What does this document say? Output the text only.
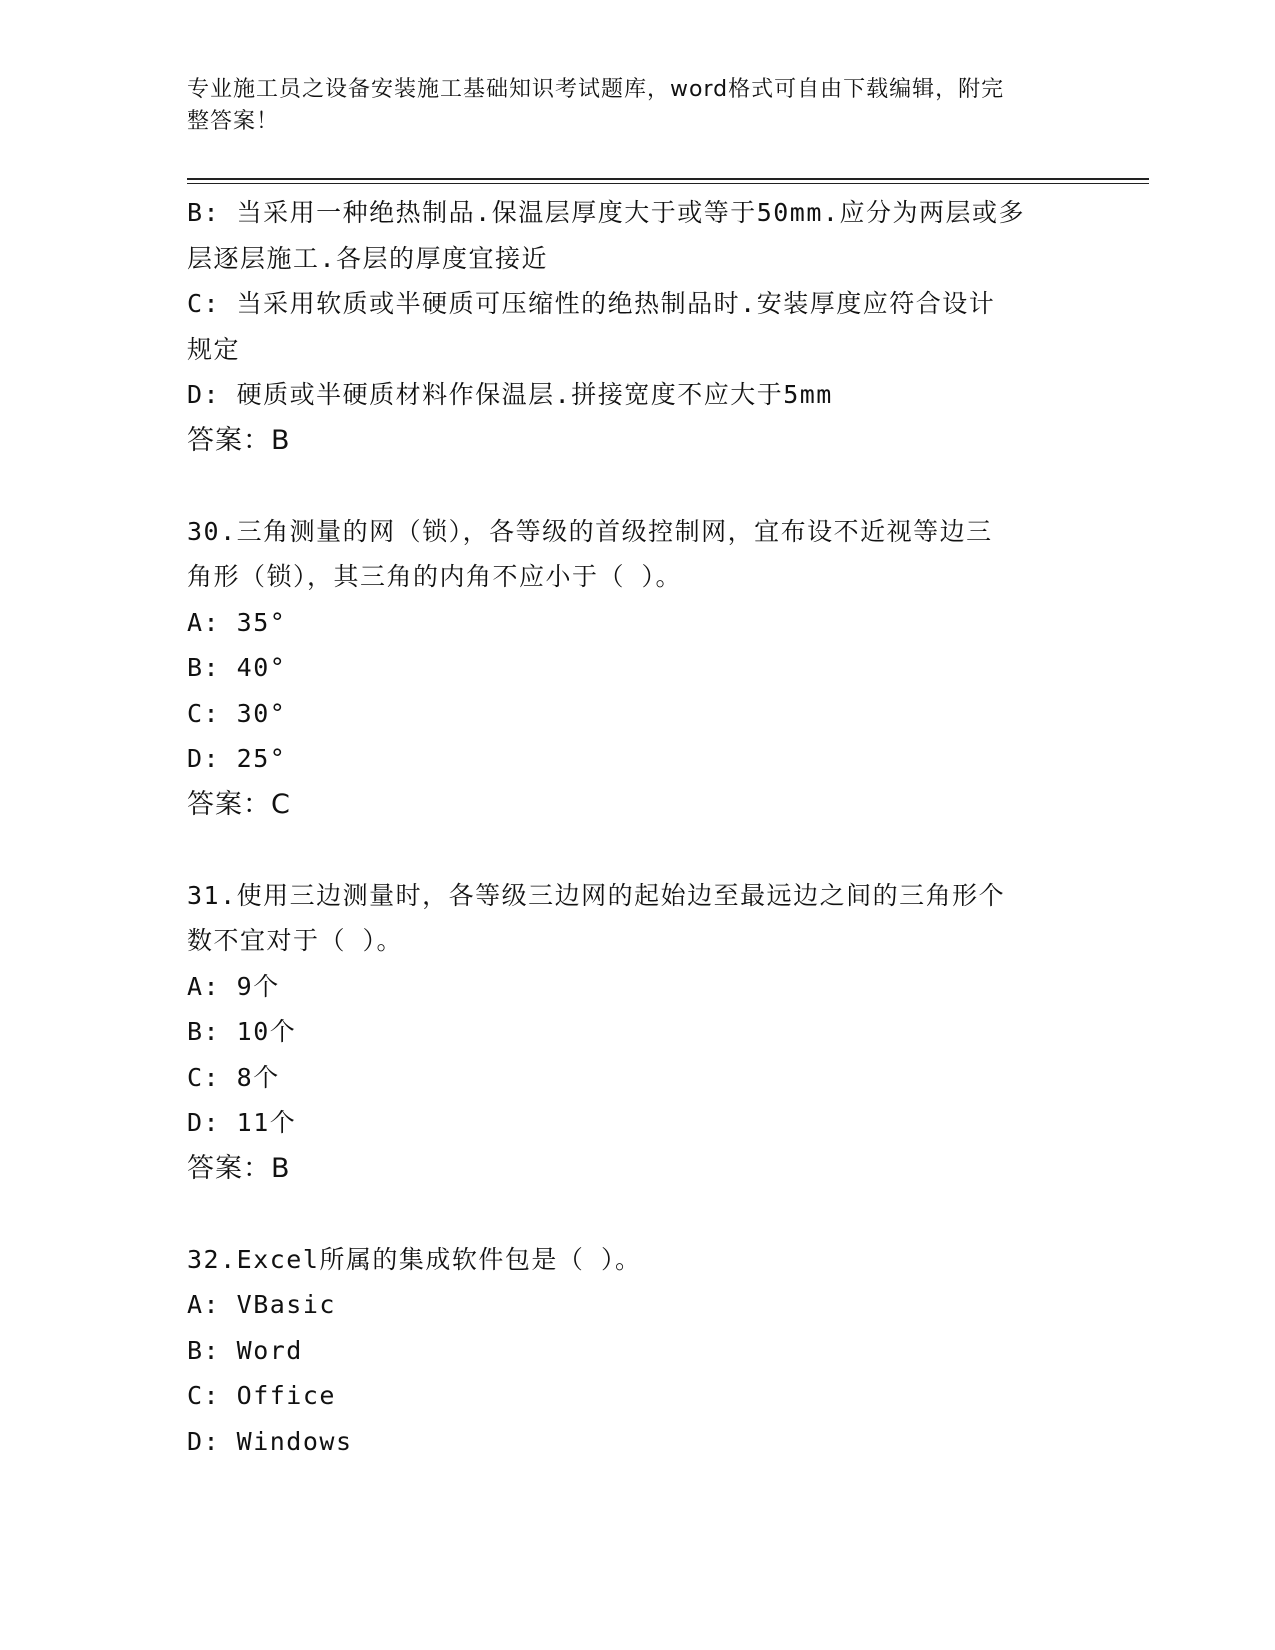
专业施工员之设备安装施工基础知识考试题库，word格式可自由下载编辑，附完
整答案！
B: 当采用一种绝热制品.保温层厚度大于或等于50mm.应分为两层或多
层逐层施工.各层的厚度宜接近
C: 当采用软质或半硬质可压缩性的绝热制品时.安装厚度应符合设计
规定
D: 硬质或半硬质材料作保温层.拼接宽度不应大于5mm
答案：B
30.三角测量的网（锁），各等级的首级控制网，宜布设不近视等边三
角形（锁），其三角的内角不应小于（ ）。
A: 35°
B: 40°
C: 30°
D: 25°
答案：C
31.使用三边测量时，各等级三边网的起始边至最远边之间的三角形个
数不宜对于（ ）。
A: 9个
B: 10个
C: 8个
D: 11个
答案：B
32.Excel所属的集成软件包是（ ）。
A: VBasic
B: Word
C: Office
D: Windows
